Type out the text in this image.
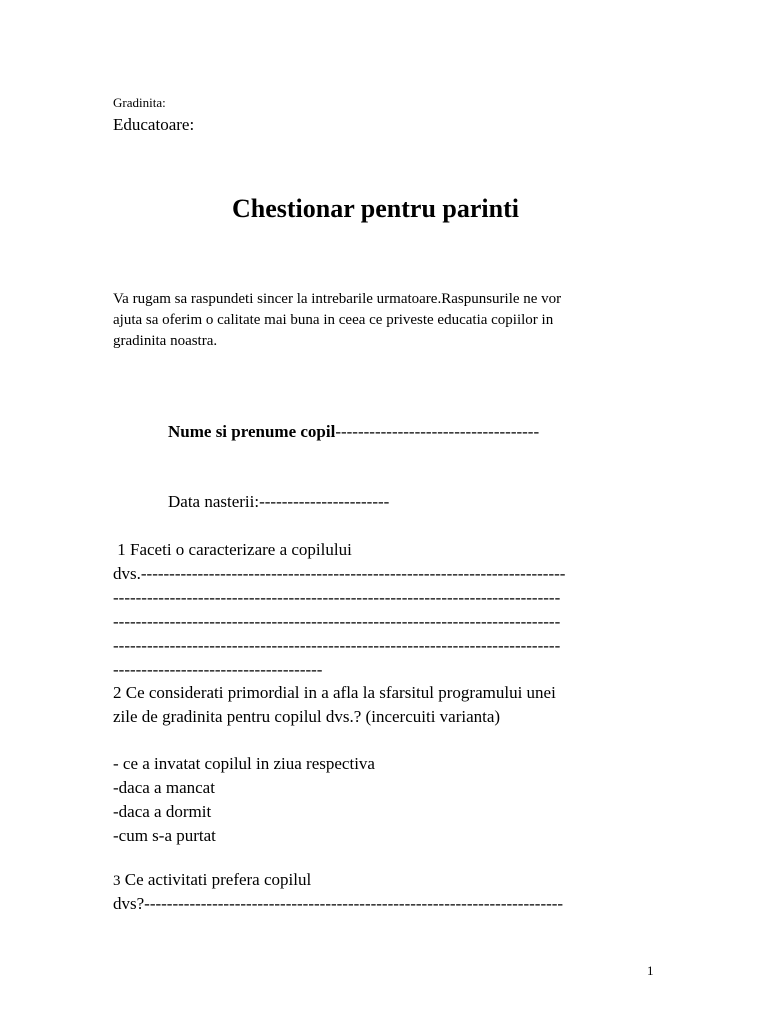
Gradinita:
Educatoare:
Chestionar pentru parinti
Va rugam sa raspundeti sincer la intrebarile urmatoare.Raspunsurile ne vor
ajuta sa oferim o calitate mai buna in ceea ce priveste educatia copiilor in
gradinita noastra.
Nume si prenume copil------------------------------------
Data nasterii:-----------------------
1 Faceti o caracterizare a copilului
dvs.---------------------------------------------------------------------------
-------------------------------------------------------------------------------
-------------------------------------------------------------------------------
-------------------------------------------------------------------------------
-------------------------------------
2 Ce considerati primordial in a afla la sfarsitul programului unei
zile de gradinita pentru copilul dvs.? (incercuiti varianta)
- ce a invatat copilul in ziua respectiva
-daca a mancat
-daca a dormit
-cum s-a purtat
3 Ce activitati prefera copilul
dvs?--------------------------------------------------------------------------
1
